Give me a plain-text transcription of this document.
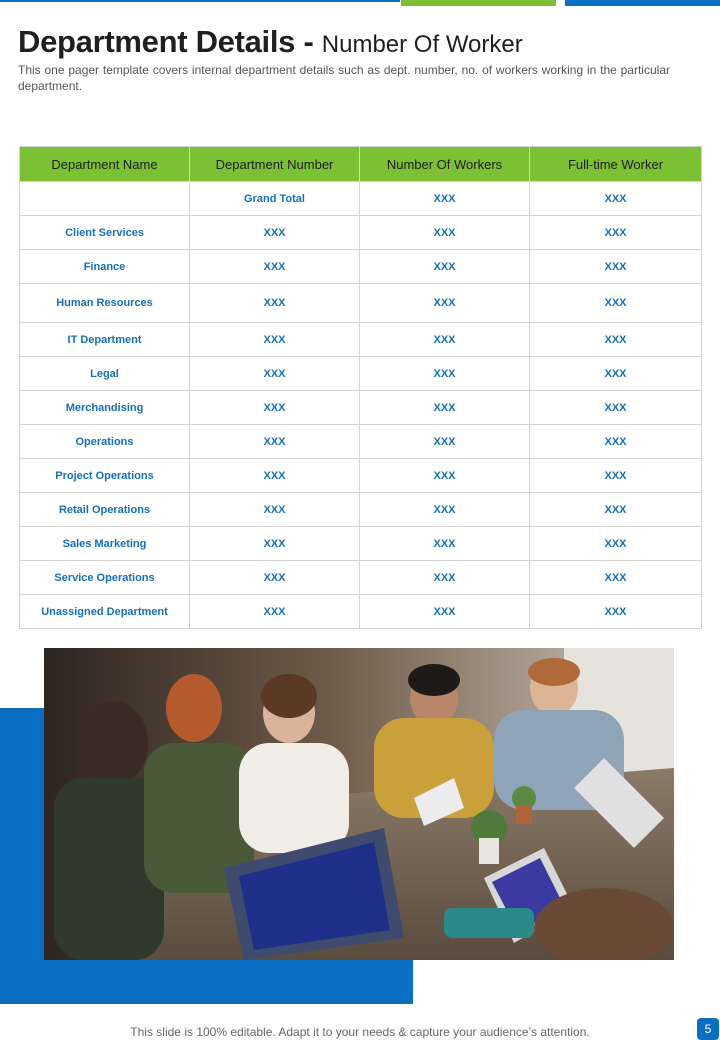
Department Details - Number Of Worker

This one pager template covers internal department details such as dept. number, no. of workers working in the particular department.

Department Name	Department Number	Number Of Workers	Full-time Worker
	Grand Total	XXX	XXX
Client Services	XXX	XXX	XXX
Finance	XXX	XXX	XXX
Human Resources	XXX	XXX	XXX
IT Department	XXX	XXX	XXX
Legal	XXX	XXX	XXX
Merchandising	XXX	XXX	XXX
Operations	XXX	XXX	XXX
Project Operations	XXX	XXX	XXX
Retail Operations	XXX	XXX	XXX
Sales Marketing	XXX	XXX	XXX
Service Operations	XXX	XXX	XXX
Unassigned Department	XXX	XXX	XXX
This slide is 100% editable. Adapt it to your needs & capture your audience’s attention.	5
